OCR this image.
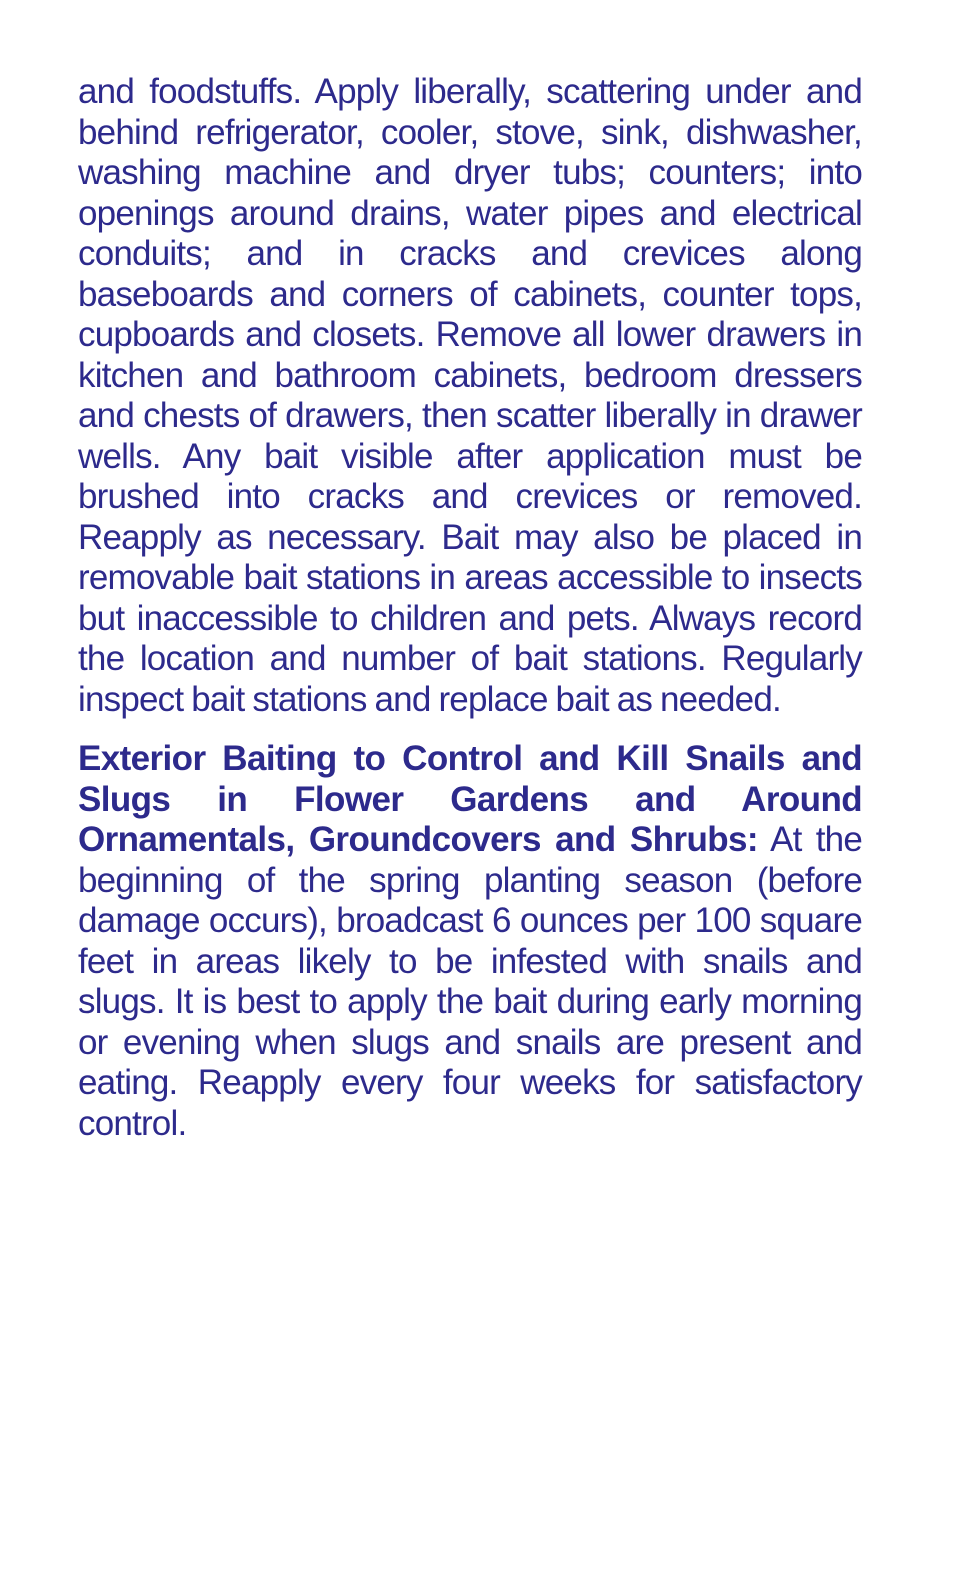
and foodstuffs. Apply liberally, scattering under and behind refrigerator, cooler, stove, sink, dishwasher, washing machine and dryer tubs; counters; into openings around drains, water pipes and electrical conduits; and in cracks and crevices along baseboards and corners of cabinets, counter tops, cupboards and closets. Remove all lower drawers in kitchen and bathroom cabinets, bedroom dressers and chests of drawers, then scatter liberally in drawer wells. Any bait visible after application must be brushed into cracks and crevices or removed. Reapply as necessary. Bait may also be placed in removable bait stations in areas accessible to insects but inaccessible to children and pets. Always record the location and number of bait stations. Regularly inspect bait stations and replace bait as needed.

Exterior Baiting to Control and Kill Snails and Slugs in Flower Gardens and Around Ornamentals, Groundcovers and Shrubs: At the beginning of the spring planting season (before damage occurs), broadcast 6 ounces per 100 square feet in areas likely to be infested with snails and slugs. It is best to apply the bait during early morning or evening when slugs and snails are present and eating. Reapply every four weeks for satisfactory control.
